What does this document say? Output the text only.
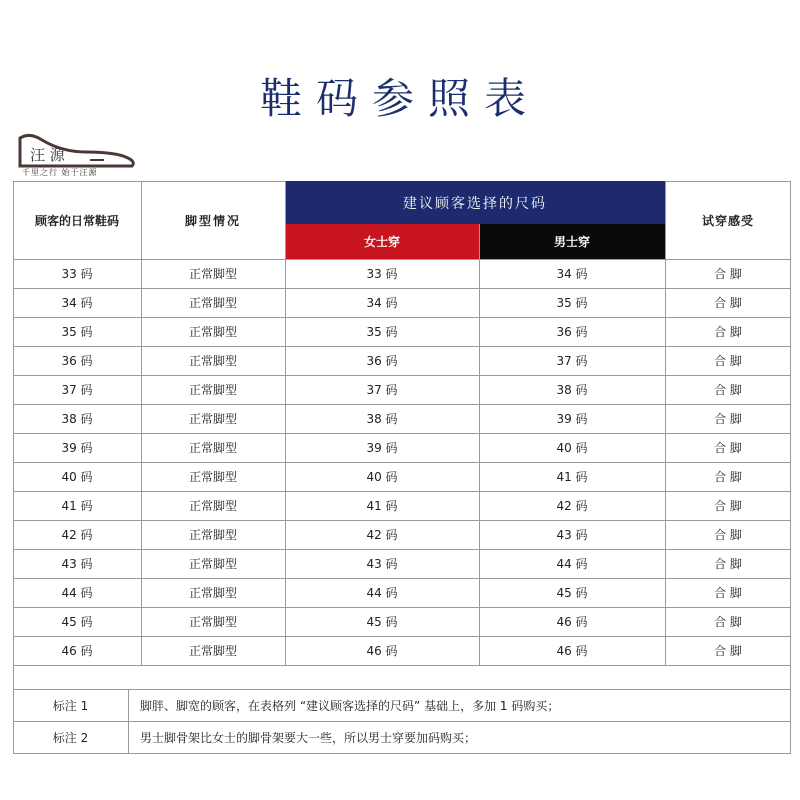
鞋码参照表
汪 源
千里之行 始于汪源
顾客的日常鞋码	脚型情况
建议顾客选择的尺码
女士穿	男士穿
试穿感受
33 码	正常脚型	33 码	34 码	合 脚
34 码	正常脚型	34 码	35 码	合 脚
35 码	正常脚型	35 码	36 码	合 脚
36 码	正常脚型	36 码	37 码	合 脚
37 码	正常脚型	37 码	38 码	合 脚
38 码	正常脚型	38 码	39 码	合 脚
39 码	正常脚型	39 码	40 码	合 脚
40 码	正常脚型	40 码	41 码	合 脚
41 码	正常脚型	41 码	42 码	合 脚
42 码	正常脚型	42 码	43 码	合 脚
43 码	正常脚型	43 码	44 码	合 脚
44 码	正常脚型	44 码	45 码	合 脚
45 码	正常脚型	45 码	46 码	合 脚
46 码	正常脚型	46 码	46 码	合 脚
标注 1	脚胖、脚宽的顾客，在表格列 “建议顾客选择的尺码” 基础上，多加 1 码购买；
标注 2	男士脚骨架比女士的脚骨架要大一些，所以男士穿要加码购买；
